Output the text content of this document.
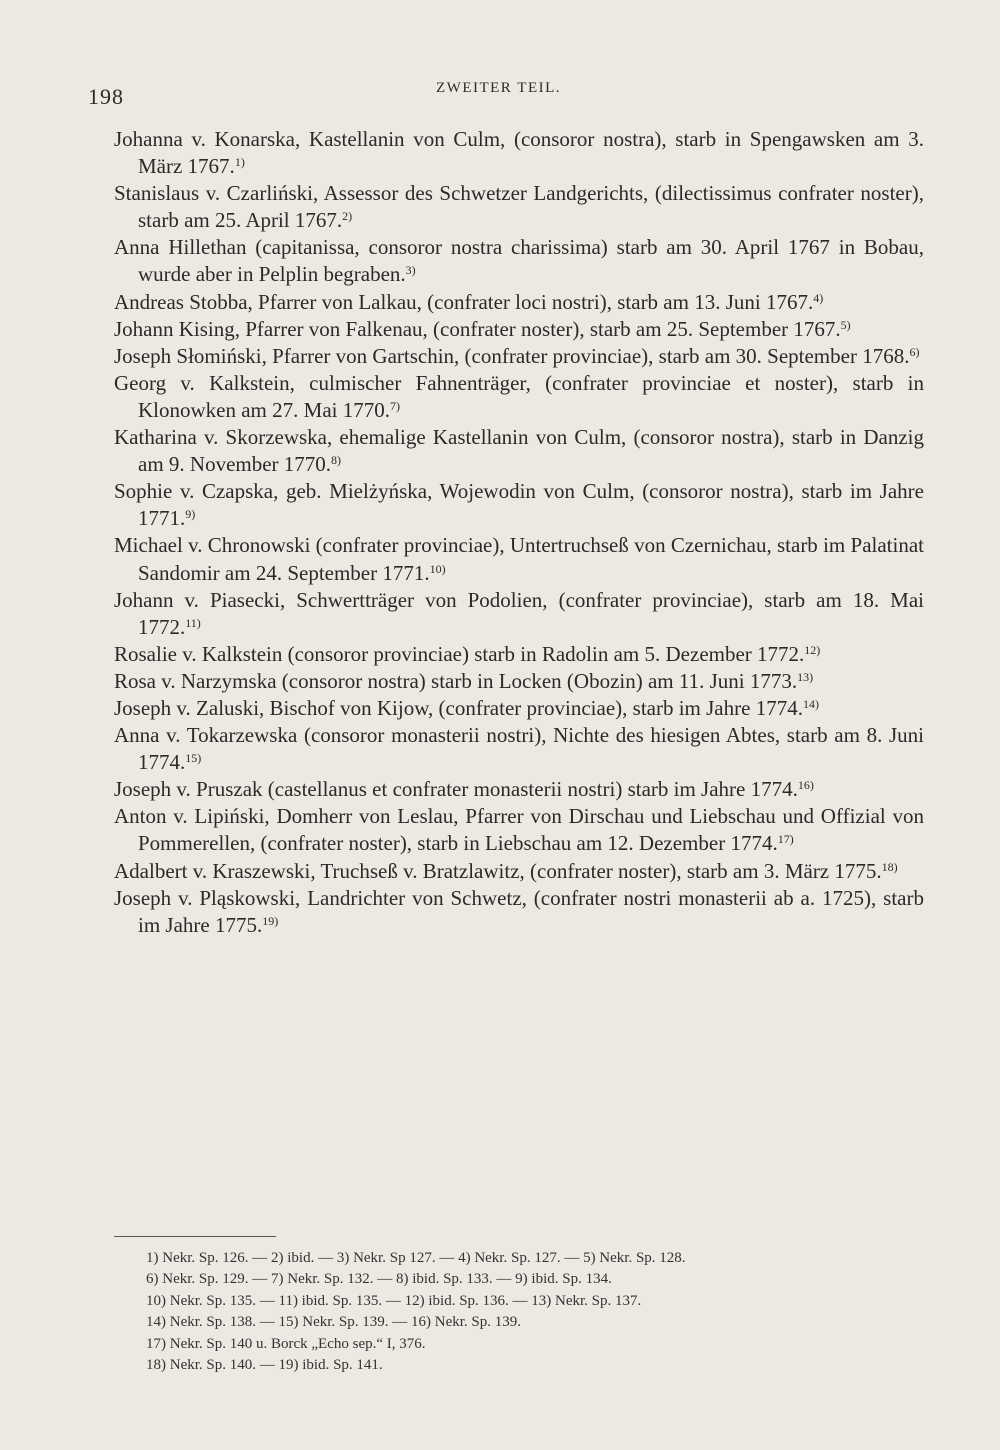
198	ZWEITER TEIL.

Johanna v. Konarska, Kastellanin von Culm, (consoror nostra), starb in Spengawsken am 3. März 1767.$^{1)}$

Stanislaus v. Czarliński, Assessor des Schwetzer Landgerichts, (dilectissimus confrater noster), starb am 25. April 1767.$^{2)}$

Anna Hillethan (capitanissa, consoror nostra charissima) starb am 30. April 1767 in Bobau, wurde aber in Pelplin begraben.$^{3)}$

Andreas Stobba, Pfarrer von Lalkau, (confrater loci nostri), starb am 13. Juni 1767.$^{4)}$

Johann Kising, Pfarrer von Falkenau, (confrater noster), starb am 25. September 1767.$^{5)}$

Joseph Słomiński, Pfarrer von Gartschin, (confrater provinciae), starb am 30. September 1768.$^{6)}$

Georg v. Kalkstein, culmischer Fahnenträger, (confrater provinciae et noster), starb in Klonowken am 27. Mai 1770.$^{7)}$

Katharina v. Skorzewska, ehemalige Kastellanin von Culm, (consoror nostra), starb in Danzig am 9. November 1770.$^{8)}$

Sophie v. Czapska, geb. Mielżyńska, Wojewodin von Culm, (consoror nostra), starb im Jahre 1771.$^{9)}$

Michael v. Chronowski (confrater provinciae), Untertruchseß von Czernichau, starb im Palatinat Sandomir am 24. September 1771.$^{10)}$

Johann v. Piasecki, Schwertträger von Podolien, (confrater provinciae), starb am 18. Mai 1772.$^{11)}$

Rosalie v. Kalkstein (consoror provinciae) starb in Radolin am 5. Dezember 1772.$^{12)}$

Rosa v. Narzymska (consoror nostra) starb in Locken (Obozin) am 11. Juni 1773.$^{13)}$

Joseph v. Zaluski, Bischof von Kijow, (confrater provinciae), starb im Jahre 1774.$^{14)}$

Anna v. Tokarzewska (consoror monasterii nostri), Nichte des hiesigen Abtes, starb am 8. Juni 1774.$^{15)}$

Joseph v. Pruszak (castellanus et confrater monasterii nostri) starb im Jahre 1774.$^{16)}$

Anton v. Lipiński, Domherr von Leslau, Pfarrer von Dirschau und Liebschau und Offizial von Pommerellen, (confrater noster), starb in Liebschau am 12. Dezember 1774.$^{17)}$

Adalbert v. Kraszewski, Truchseß v. Bratzlawitz, (confrater noster), starb am 3. März 1775.$^{18)}$

Joseph v. Pląskowski, Landrichter von Schwetz, (confrater nostri monasterii ab a. 1725), starb im Jahre 1775.$^{19)}$

1) Nekr. Sp. 126. — 2) ibid. — 3) Nekr. Sp 127. — 4) Nekr. Sp. 127. — 5) Nekr. Sp. 128.

6) Nekr. Sp. 129. — 7) Nekr. Sp. 132. — 8) ibid. Sp. 133. — 9) ibid. Sp. 134.

10) Nekr. Sp. 135. — 11) ibid. Sp. 135. — 12) ibid. Sp. 136. — 13) Nekr. Sp. 137.

14) Nekr. Sp. 138. — 15) Nekr. Sp. 139. — 16) Nekr. Sp. 139.

17) Nekr. Sp. 140 u. Borck „Echo sep.“ I, 376.

18) Nekr. Sp. 140. — 19) ibid. Sp. 141.
